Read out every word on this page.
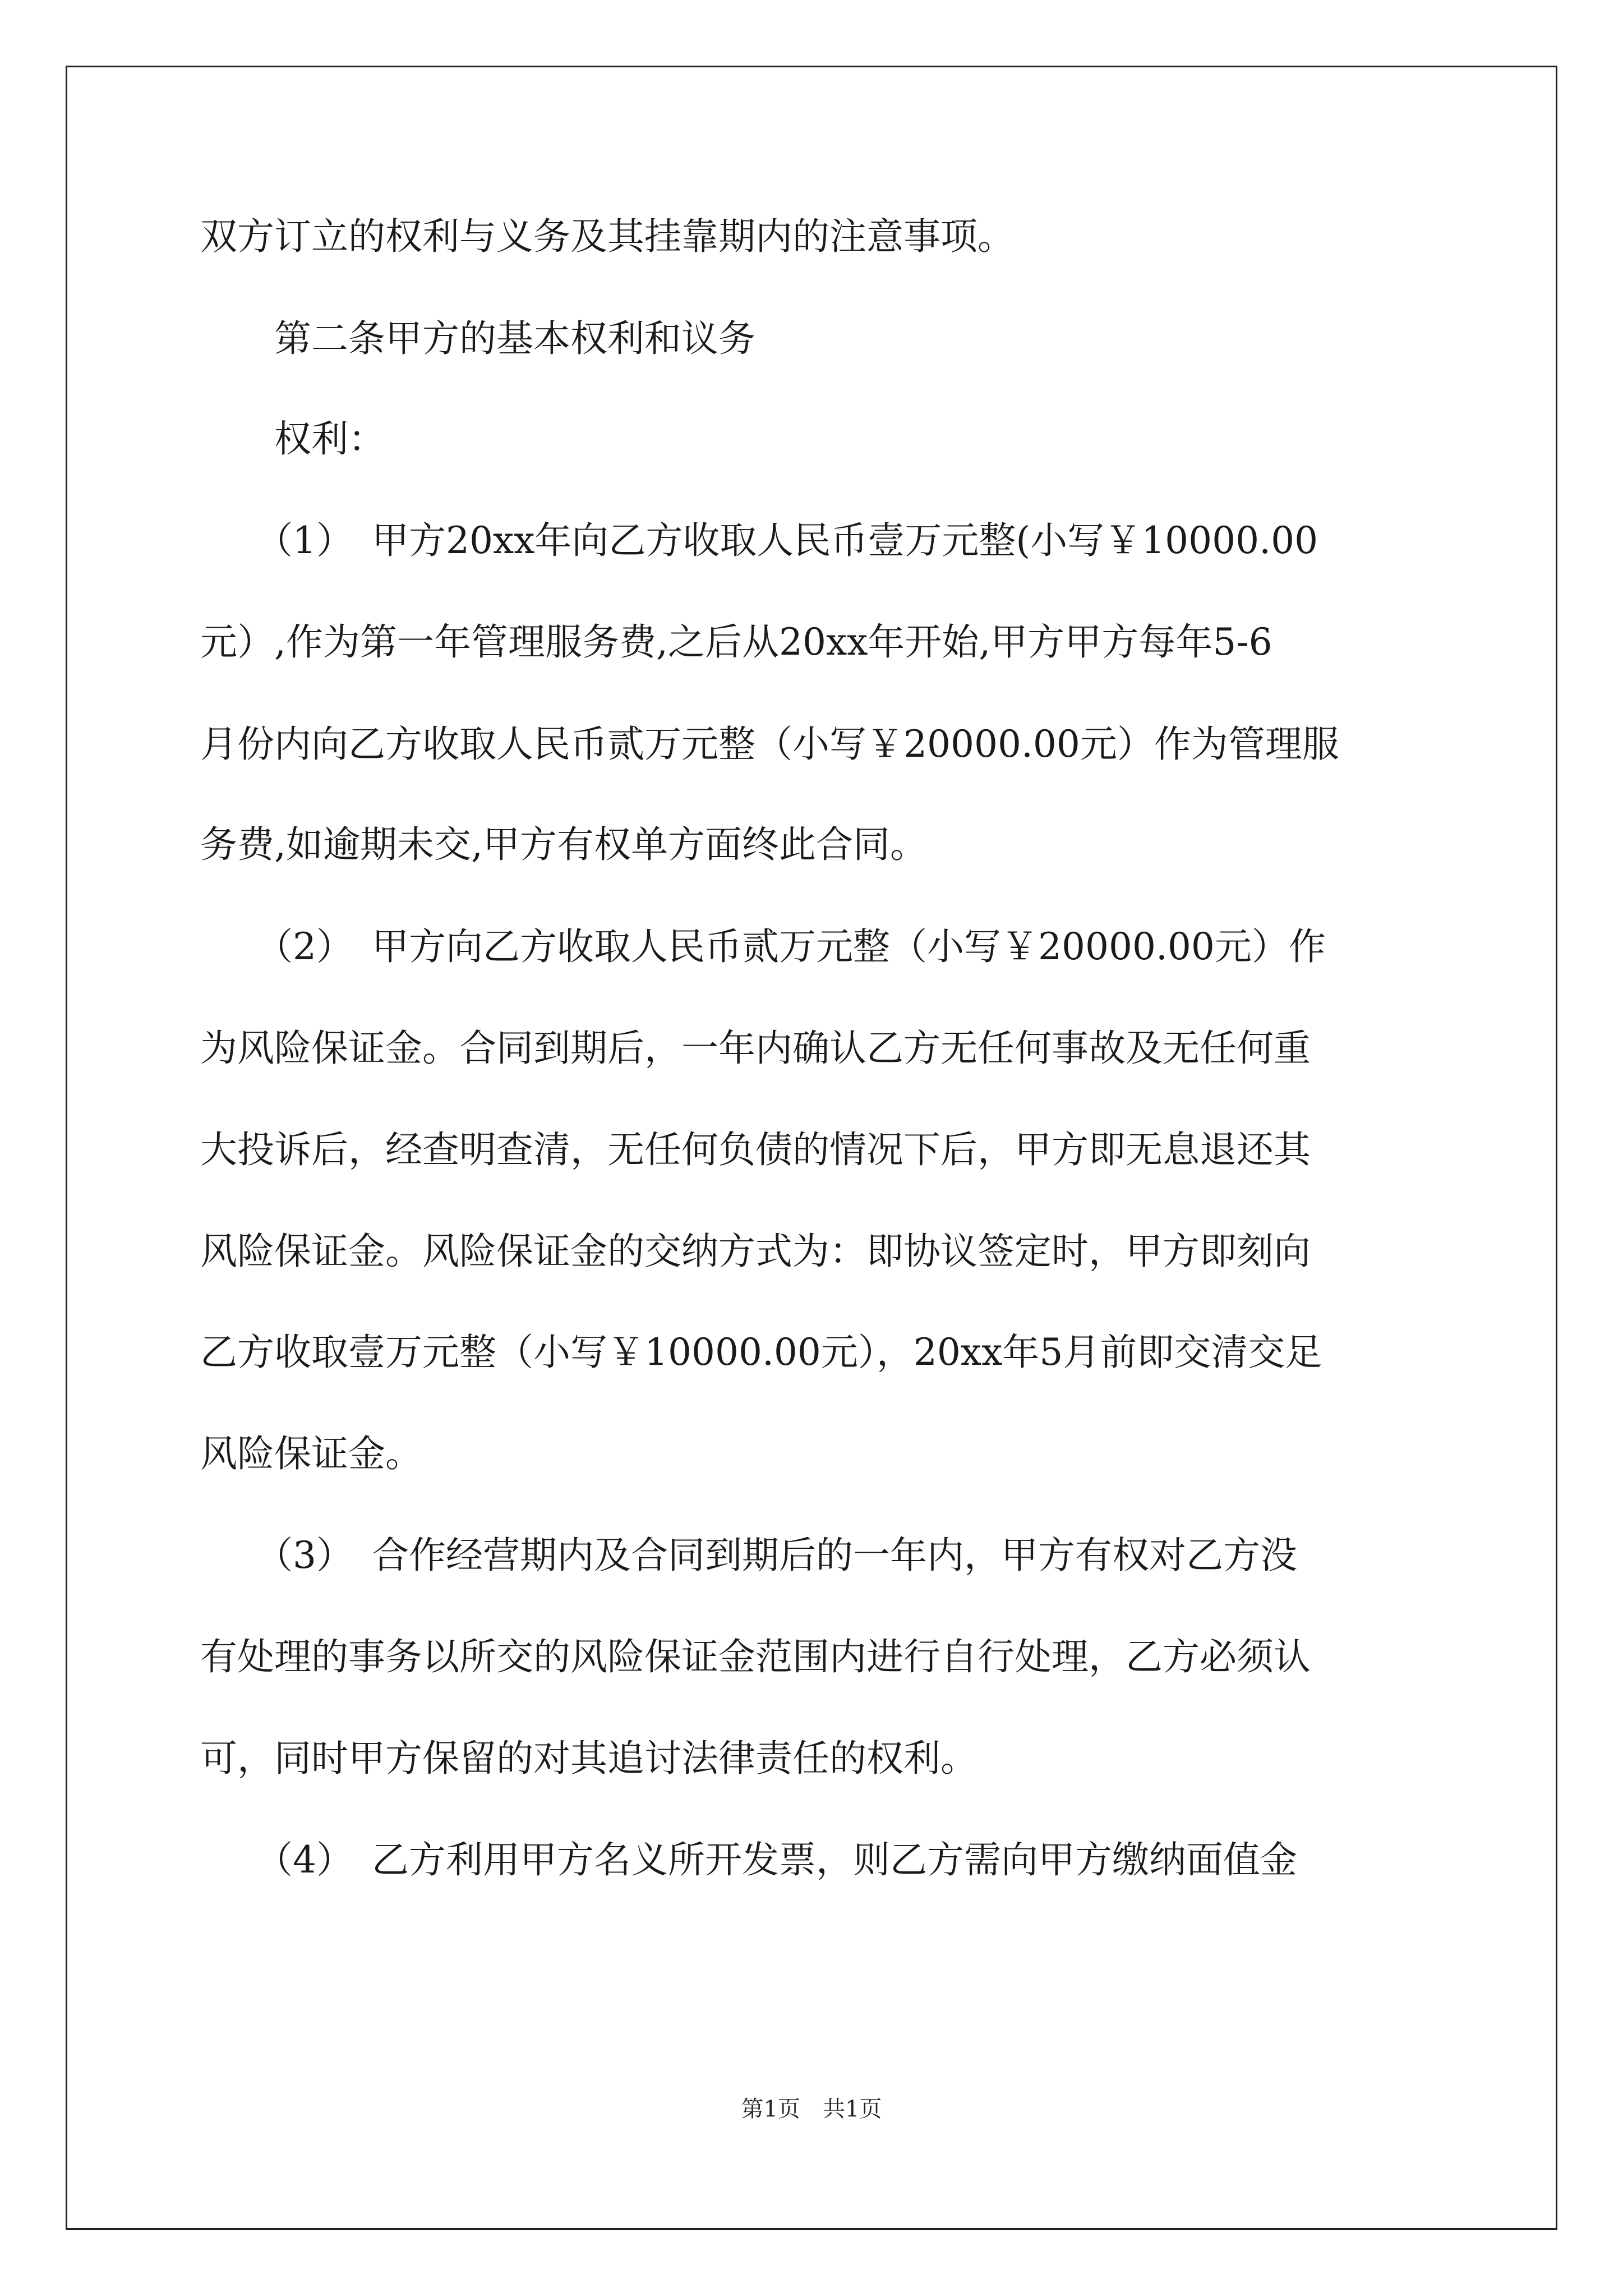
双方订立的权利与义务及其挂靠期内的注意事项。
　　第二条甲方的基本权利和议务
　　权利：
　　（1）　甲方20xx年向乙方收取人民币壹万元整(小写￥10000.00
元）,作为第一年管理服务费,之后从20xx年开始,甲方甲方每年5-6
月份内向乙方收取人民币贰万元整（小写￥20000.00元）作为管理服
务费,如逾期未交,甲方有权单方面终此合同。
　　（2）　甲方向乙方收取人民币贰万元整（小写￥20000.00元）作
为风险保证金。合同到期后，一年内确认乙方无任何事故及无任何重
大投诉后，经查明查清，无任何负债的情况下后，甲方即无息退还其
风险保证金。风险保证金的交纳方式为：即协议签定时，甲方即刻向
乙方收取壹万元整（小写￥10000.00元），20xx年5月前即交清交足
风险保证金。
　　（3）　合作经营期内及合同到期后的一年内，甲方有权对乙方没
有处理的事务以所交的风险保证金范围内进行自行处理，乙方必须认
可，同时甲方保留的对其追讨法律责任的权利。
　　（4）　乙方利用甲方名义所开发票，则乙方需向甲方缴纳面值金
第1页　共1页
